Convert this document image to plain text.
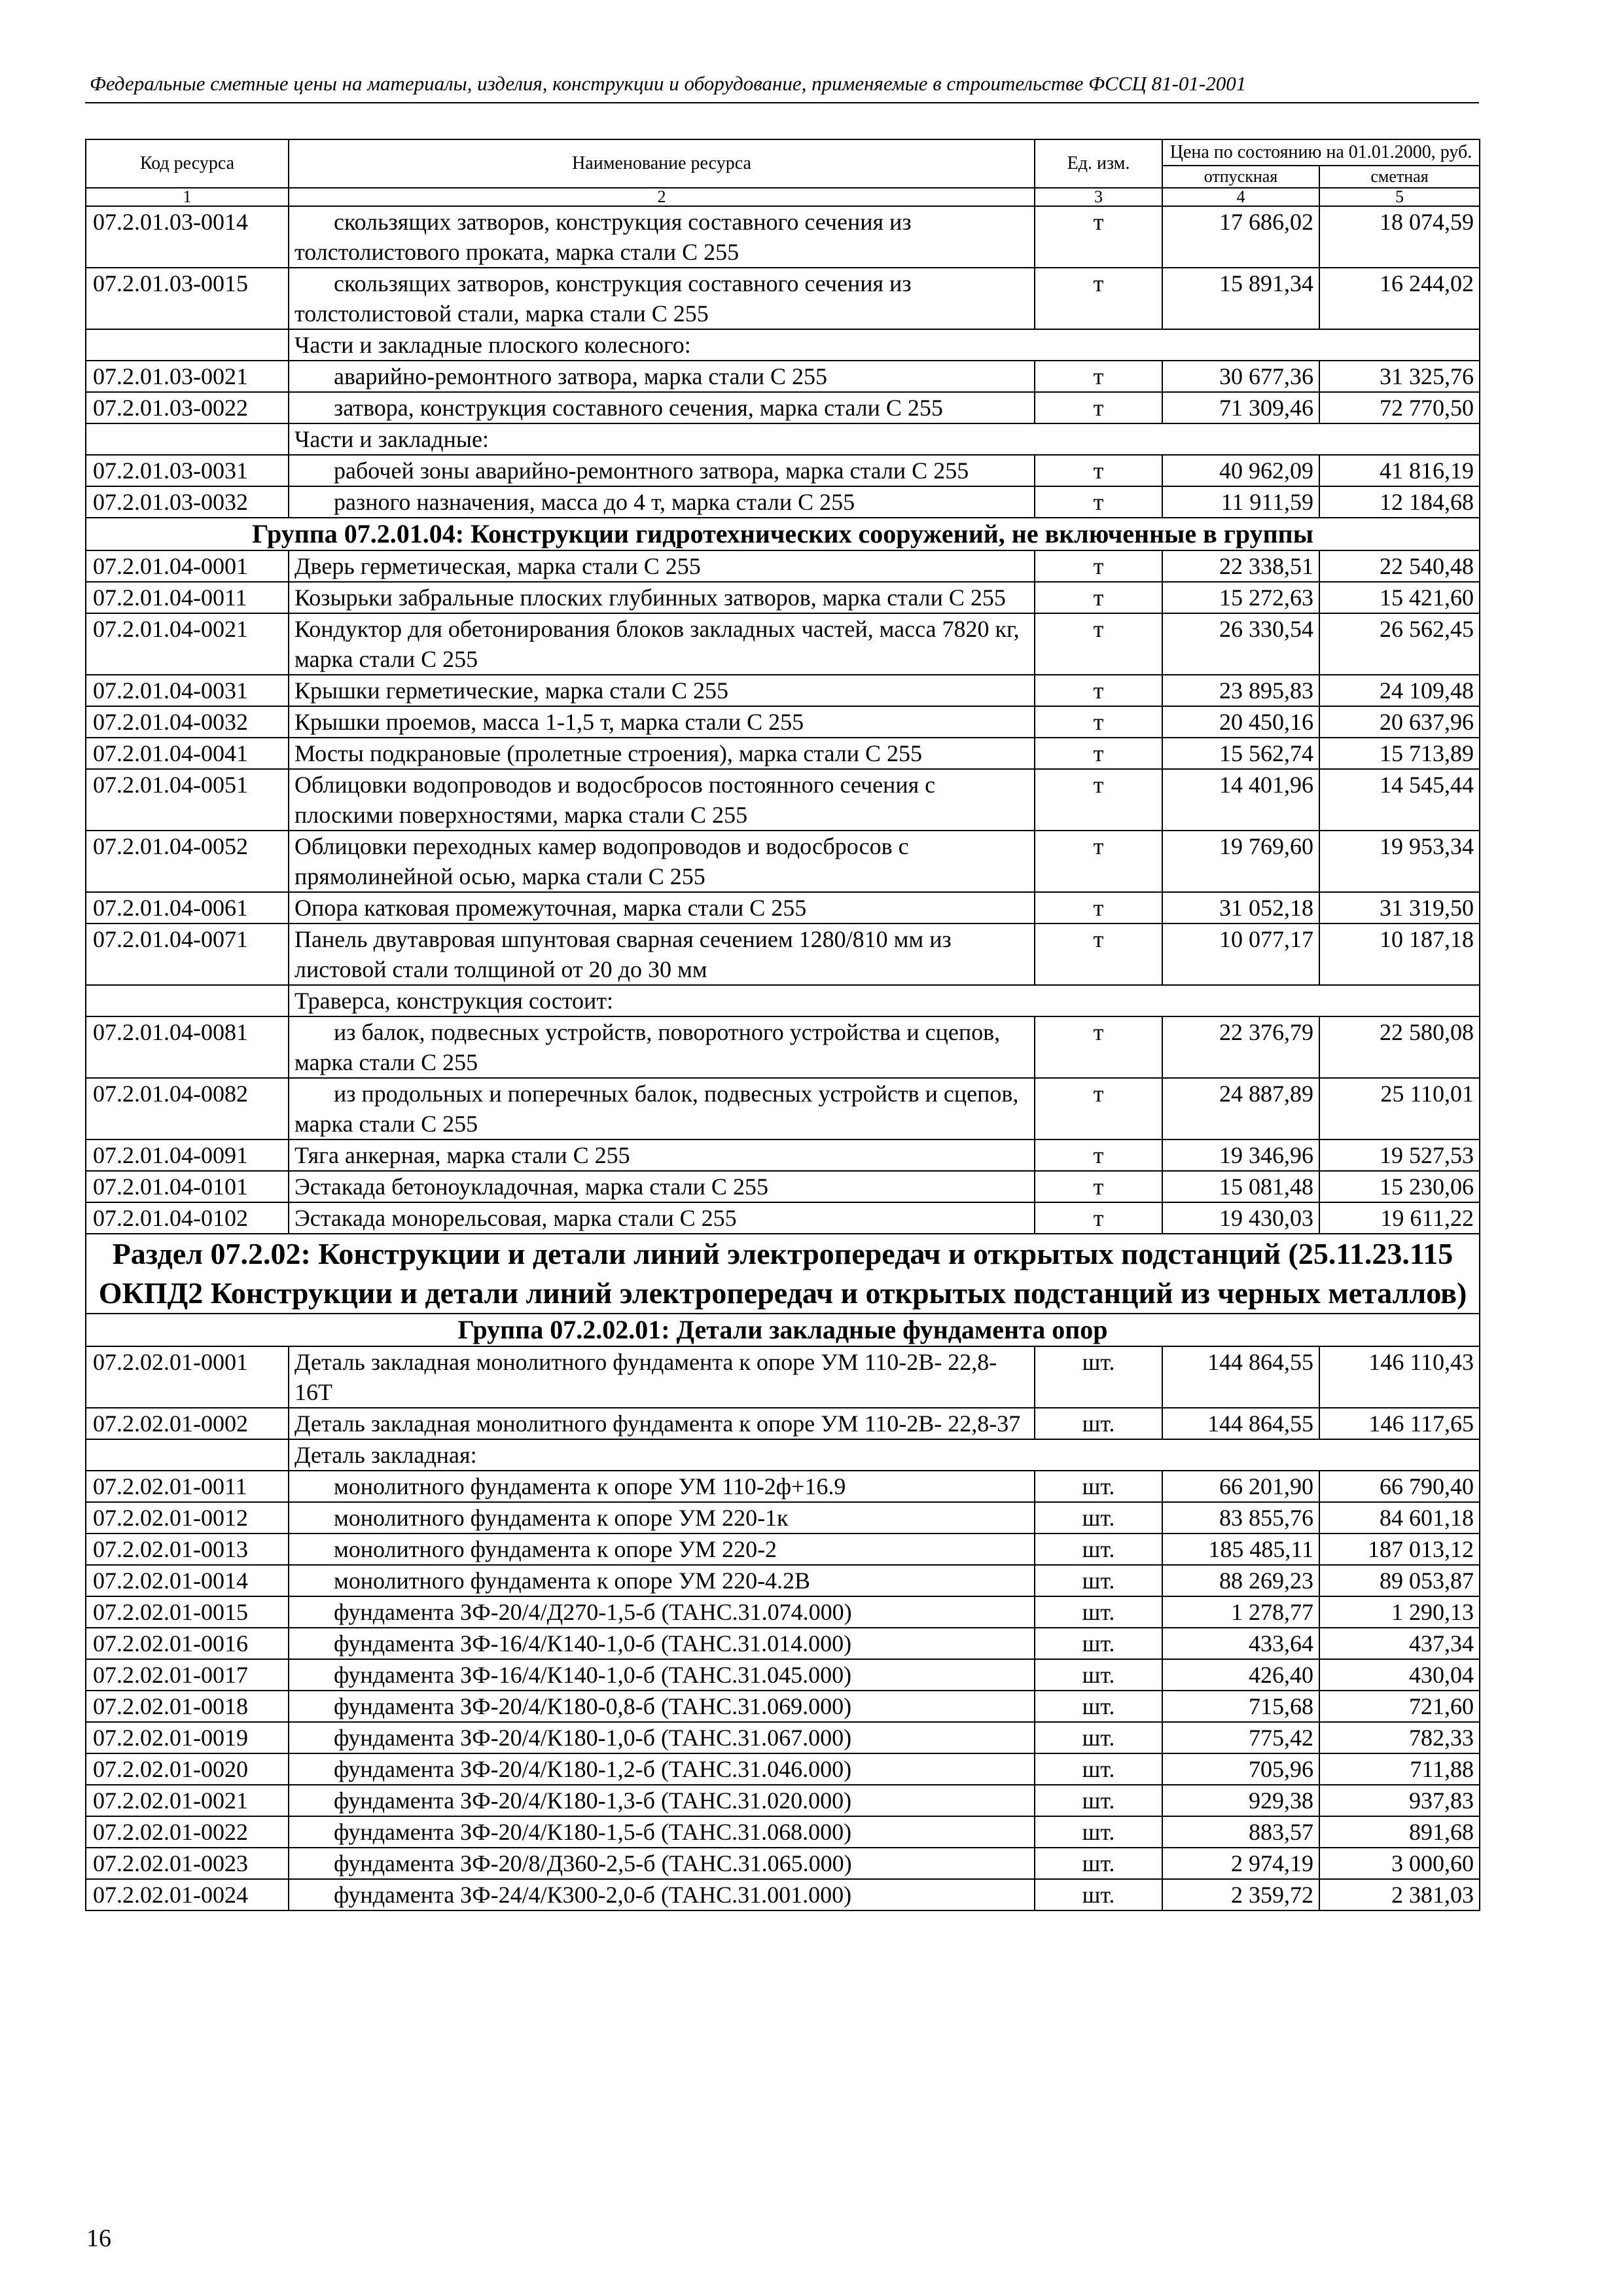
Федеральные сметные цены на материалы, изделия, конструкции и оборудование, применяемые в строительстве ФССЦ 81-01-2001
Код ресурса	Наименование ресурса	Ед. изм.	Цена по состоянию на 01.01.2000, руб.	
			отпускная	сметная
1	2	3	4	5
07.2.01.03-0014	скользящих затворов, конструкция составного сечения из толстолистового проката, марка стали С 255	т	17 686,02	18 074,59
07.2.01.03-0015	скользящих затворов, конструкция составного сечения из толстолистовой стали, марка стали С 255	т	15 891,34	16 244,02
	Части и закладные плоского колесного:			
07.2.01.03-0021	аварийно-ремонтного затвора, марка стали С 255	т	30 677,36	31 325,76
07.2.01.03-0022	затвора, конструкция составного сечения, марка стали С 255	т	71 309,46	72 770,50
	Части и закладные:			
07.2.01.03-0031	рабочей зоны аварийно-ремонтного затвора, марка стали С 255	т	40 962,09	41 816,19
07.2.01.03-0032	разного назначения, масса до 4 т, марка стали С 255	т	11 911,59	12 184,68
Группа 07.2.01.04: Конструкции гидротехнических сооружений, не включенные в группы				
07.2.01.04-0001	Дверь герметическая, марка стали С 255	т	22 338,51	22 540,48
07.2.01.04-0011	Козырьки забральные плоских глубинных затворов, марка стали С 255	т	15 272,63	15 421,60
07.2.01.04-0021	Кондуктор для обетонирования блоков закладных частей, масса 7820 кг, марка стали С 255	т	26 330,54	26 562,45
07.2.01.04-0031	Крышки герметические, марка стали С 255	т	23 895,83	24 109,48
07.2.01.04-0032	Крышки проемов, масса 1-1,5 т, марка стали С 255	т	20 450,16	20 637,96
07.2.01.04-0041	Мосты подкрановые (пролетные строения), марка стали С 255	т	15 562,74	15 713,89
07.2.01.04-0051	Облицовки водопроводов и водосбросов постоянного сечения с плоскими поверхностями, марка стали С 255	т	14 401,96	14 545,44
07.2.01.04-0052	Облицовки переходных камер водопроводов и водосбросов с прямолинейной осью, марка стали С 255	т	19 769,60	19 953,34
07.2.01.04-0061	Опора катковая промежуточная, марка стали С 255	т	31 052,18	31 319,50
07.2.01.04-0071	Панель двутавровая шпунтовая сварная сечением 1280/810 мм из листовой стали толщиной от 20 до 30 мм	т	10 077,17	10 187,18
	Траверса, конструкция состоит:			
07.2.01.04-0081	из балок, подвесных устройств, поворотного устройства и сцепов, марка стали С 255	т	22 376,79	22 580,08
07.2.01.04-0082	из продольных и поперечных балок, подвесных устройств и сцепов, марка стали С 255	т	24 887,89	25 110,01
07.2.01.04-0091	Тяга анкерная, марка стали С 255	т	19 346,96	19 527,53
07.2.01.04-0101	Эстакада бетоноукладочная, марка стали С 255	т	15 081,48	15 230,06
07.2.01.04-0102	Эстакада монорельсовая, марка стали С 255	т	19 430,03	19 611,22
Раздел 07.2.02: Конструкции и детали линий электропередач и открытых подстанций (25.11.23.115 ОКПД2 Конструкции и детали линий электропередач и открытых подстанций из черных металлов)				
Группа 07.2.02.01: Детали закладные фундамента опор				
07.2.02.01-0001	Деталь закладная монолитного фундамента к опоре УМ 110-2В- 22,8-16Т	шт.	144 864,55	146 110,43
07.2.02.01-0002	Деталь закладная монолитного фундамента к опоре УМ 110-2В- 22,8-37	шт.	144 864,55	146 117,65
	Деталь закладная:			
07.2.02.01-0011	монолитного фундамента к опоре УМ 110-2ф+16.9	шт.	66 201,90	66 790,40
07.2.02.01-0012	монолитного фундамента к опоре УМ 220-1к	шт.	83 855,76	84 601,18
07.2.02.01-0013	монолитного фундамента к опоре УМ 220-2	шт.	185 485,11	187 013,12
07.2.02.01-0014	монолитного фундамента к опоре УМ 220-4.2В	шт.	88 269,23	89 053,87
07.2.02.01-0015	фундамента ЗФ-20/4/Д270-1,5-б (ТАНС.31.074.000)	шт.	1 278,77	1 290,13
07.2.02.01-0016	фундамента ЗФ-16/4/К140-1,0-б (ТАНС.31.014.000)	шт.	433,64	437,34
07.2.02.01-0017	фундамента ЗФ-16/4/К140-1,0-б (ТАНС.31.045.000)	шт.	426,40	430,04
07.2.02.01-0018	фундамента ЗФ-20/4/К180-0,8-б (ТАНС.31.069.000)	шт.	715,68	721,60
07.2.02.01-0019	фундамента ЗФ-20/4/К180-1,0-б (ТАНС.31.067.000)	шт.	775,42	782,33
07.2.02.01-0020	фундамента ЗФ-20/4/К180-1,2-б (ТАНС.31.046.000)	шт.	705,96	711,88
07.2.02.01-0021	фундамента ЗФ-20/4/К180-1,3-б (ТАНС.31.020.000)	шт.	929,38	937,83
07.2.02.01-0022	фундамента ЗФ-20/4/К180-1,5-б (ТАНС.31.068.000)	шт.	883,57	891,68
07.2.02.01-0023	фундамента ЗФ-20/8/Д360-2,5-б (ТАНС.31.065.000)	шт.	2 974,19	3 000,60
07.2.02.01-0024	фундамента ЗФ-24/4/К300-2,0-б (ТАНС.31.001.000)	шт.	2 359,72	2 381,03
16
